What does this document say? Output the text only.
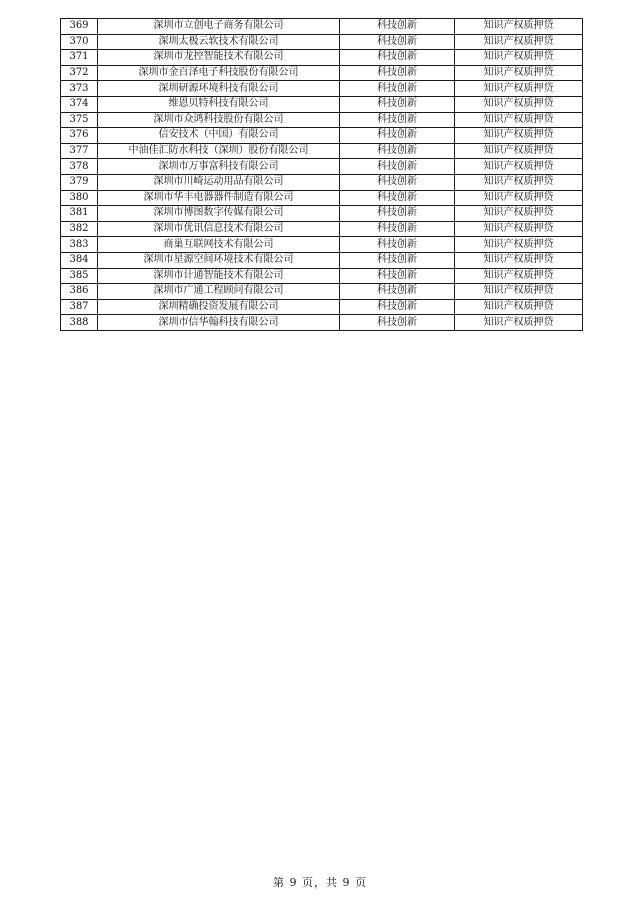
369	深圳市立创电子商务有限公司	科技创新	知识产权质押贷
370	深圳太极云软技术有限公司	科技创新	知识产权质押贷
371	深圳市龙控智能技术有限公司	科技创新	知识产权质押贷
372	深圳市金百泽电子科技股份有限公司	科技创新	知识产权质押贷
373	深圳研源环境科技有限公司	科技创新	知识产权质押贷
374	维恩贝特科技有限公司	科技创新	知识产权质押贷
375	深圳市众鸿科技股份有限公司	科技创新	知识产权质押贷
376	信安技术（中国）有限公司	科技创新	知识产权质押贷
377	中油佳汇防水科技（深圳）股份有限公司	科技创新	知识产权质押贷
378	深圳市万事富科技有限公司	科技创新	知识产权质押贷
379	深圳市川崎运动用品有限公司	科技创新	知识产权质押贷
380	深圳市华丰电器器件制造有限公司	科技创新	知识产权质押贷
381	深圳市博图数字传媒有限公司	科技创新	知识产权质押贷
382	深圳市优讯信息技术有限公司	科技创新	知识产权质押贷
383	商巢互联网技术有限公司	科技创新	知识产权质押贷
384	深圳市星源空间环境技术有限公司	科技创新	知识产权质押贷
385	深圳市计通智能技术有限公司	科技创新	知识产权质押贷
386	深圳市广通工程顾问有限公司	科技创新	知识产权质押贷
387	深圳精确投资发展有限公司	科技创新	知识产权质押贷
388	深圳市信华翰科技有限公司	科技创新	知识产权质押贷
第 9 页，共 9 页
